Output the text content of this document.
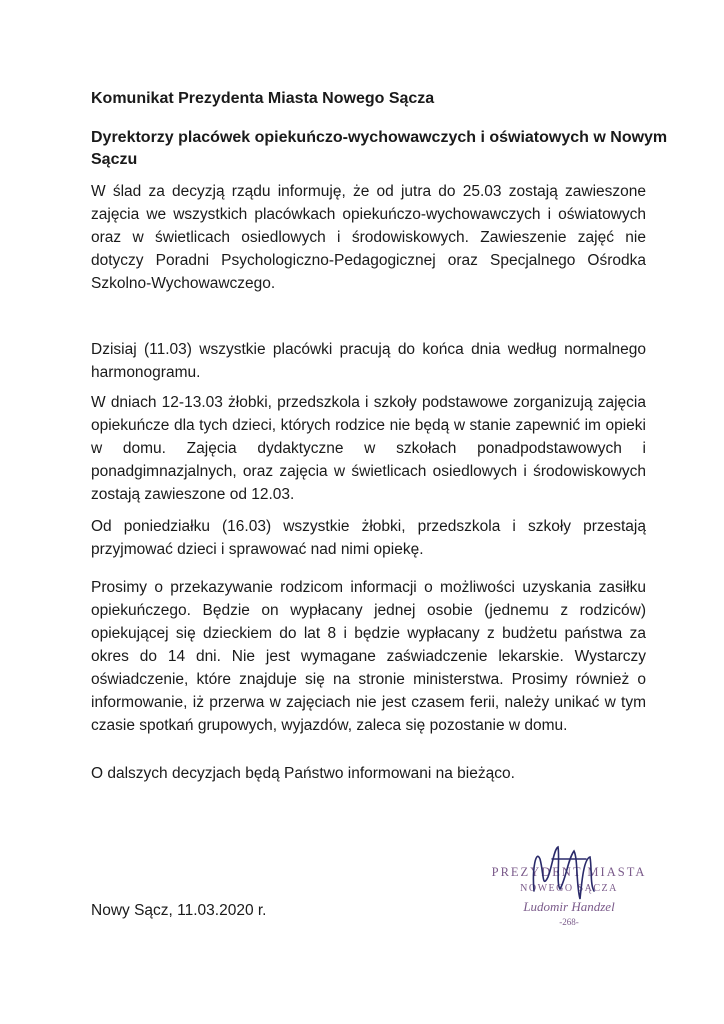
Komunikat Prezydenta Miasta Nowego Sącza
Dyrektorzy placówek opiekuńczo-wychowawczych i oświatowych w Nowym Sączu

W ślad za decyzją rządu informuję, że od jutra do 25.03 zostają zawieszone zajęcia we wszystkich placówkach opiekuńczo-wychowawczych i oświatowych oraz w świetlicach osiedlowych i środowiskowych. Zawieszenie zajęć nie dotyczy Poradni Psychologiczno-Pedagogicznej oraz Specjalnego Ośrodka Szkolno-Wychowawczego.

Dzisiaj (11.03) wszystkie placówki pracują do końca dnia według normalnego harmonogramu.

W dniach 12-13.03 żłobki, przedszkola i szkoły podstawowe zorganizują zajęcia opiekuńcze dla tych dzieci, których rodzice nie będą w stanie zapewnić im opieki w domu. Zajęcia dydaktyczne w szkołach ponadpodstawowych i ponadgimnazjalnych, oraz zajęcia w świetlicach osiedlowych i środowiskowych zostają zawieszone od 12.03.

Od poniedziałku (16.03) wszystkie żłobki, przedszkola i szkoły przestają przyjmować dzieci i sprawować nad nimi opiekę.

Prosimy o przekazywanie rodzicom informacji o możliwości uzyskania zasiłku opiekuńczego. Będzie on wypłacany jednej osobie (jednemu z rodziców) opiekującej się dzieckiem do lat 8 i będzie wypłacany z budżetu państwa za okres do 14 dni. Nie jest wymagane zaświadczenie lekarskie. Wystarczy oświadczenie, które znajduje się na stronie ministerstwa. Prosimy również o informowanie, iż przerwa w zajęciach nie jest czasem ferii, należy unikać w tym czasie spotkań grupowych, wyjazdów, zaleca się pozostanie w domu.

O dalszych decyzjach będą Państwo informowani na bieżąco.

Nowy Sącz, 11.03.2020 r.

PREZYDENT MIASTA
NOWEGO SĄCZA
Ludomir Handzel
-268-
